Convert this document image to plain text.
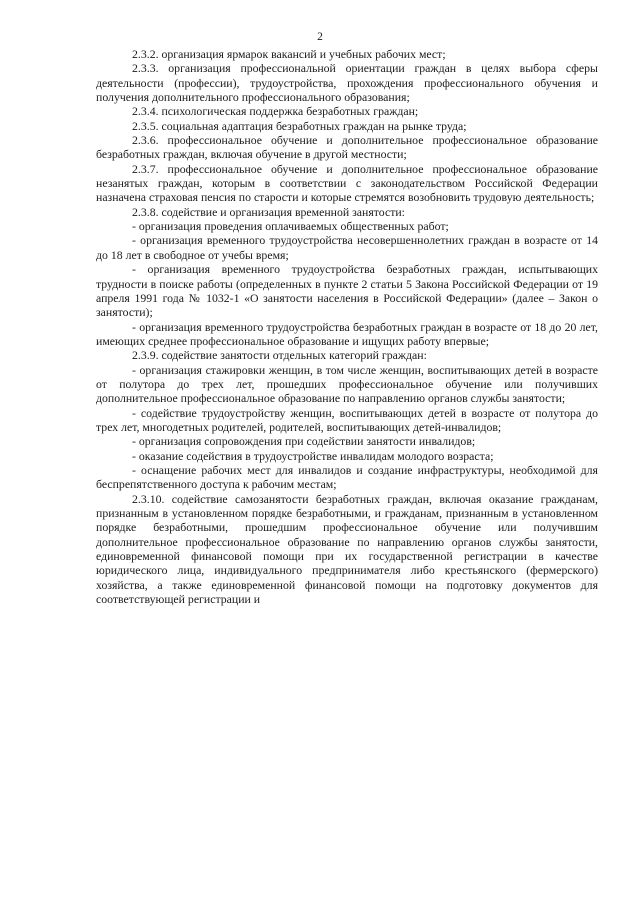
2

2.3.2. организация ярмарок вакансий и учебных рабочих мест;

2.3.3. организация профессиональной ориентации граждан в целях выбора сферы деятельности (профессии), трудоустройства, прохождения профессионального обучения и получения дополнительного профессионального образования;

2.3.4. психологическая поддержка безработных граждан;

2.3.5. социальная адаптация безработных граждан на рынке труда;

2.3.6. профессиональное обучение и дополнительное профессиональное образование безработных граждан, включая обучение в другой местности;

2.3.7. профессиональное обучение и дополнительное профессиональное образование незанятых граждан, которым в соответствии с законодательством Российской Федерации назначена страховая пенсия по старости и которые стремятся возобновить трудовую деятельность;

2.3.8. содействие и организация временной занятости:

- организация проведения оплачиваемых общественных работ;

- организация временного трудоустройства несовершеннолетних граждан в возрасте от 14 до 18 лет в свободное от учебы время;

- организация временного трудоустройства безработных граждан, испытывающих трудности в поиске работы (определенных в пункте 2 статьи 5 Закона Российской Федерации от 19 апреля 1991 года № 1032-1 «О занятости населения в Российской Федерации» (далее – Закон о занятости);

- организация временного трудоустройства безработных граждан в возрасте от 18 до 20 лет, имеющих среднее профессиональное образование и ищущих работу впервые;

2.3.9. содействие занятости отдельных категорий граждан:

- организация стажировки женщин, в том числе женщин, воспитывающих детей в возрасте от полутора до трех лет, прошедших профессиональное обучение или получивших дополнительное профессиональное образование по направлению органов службы занятости;

- содействие трудоустройству женщин, воспитывающих детей в возрасте от полутора до трех лет, многодетных родителей, родителей, воспитывающих детей-инвалидов;

- организация сопровождения при содействии занятости инвалидов;

- оказание содействия в трудоустройстве инвалидам молодого возраста;

- оснащение рабочих мест для инвалидов и создание инфраструктуры, необходимой для беспрепятственного доступа к рабочим местам;

2.3.10. содействие самозанятости безработных граждан, включая оказание гражданам, признанным в установленном порядке безработными, и гражданам, признанным в установленном порядке безработными, прошедшим профессиональное обучение или получившим дополнительное профессиональное образование по направлению органов службы занятости, единовременной финансовой помощи при их государственной регистрации в качестве юридического лица, индивидуального предпринимателя либо крестьянского (фермерского) хозяйства, а также единовременной финансовой помощи на подготовку документов для соответствующей регистрации и
